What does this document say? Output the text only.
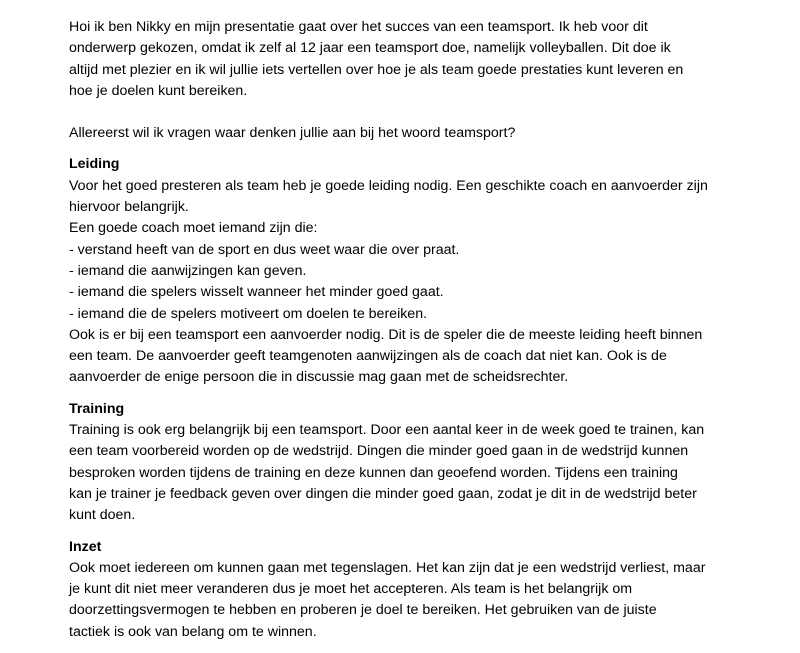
Hoi ik ben Nikky en mijn presentatie gaat over het succes van een teamsport. Ik heb voor dit

onderwerp gekozen, omdat ik zelf al 12 jaar een teamsport doe, namelijk volleyballen. Dit doe ik

altijd met plezier en ik wil jullie iets vertellen over hoe je als team goede prestaties kunt leveren en

hoe je doelen kunt bereiken.

Allereerst wil ik vragen waar denken jullie aan bij het woord teamsport?

Leiding

Voor het goed presteren als team heb je goede leiding nodig. Een geschikte coach en aanvoerder zijn

hiervoor belangrijk.

Een goede coach moet iemand zijn die:

- verstand heeft van de sport en dus weet waar die over praat.

- iemand die aanwijzingen kan geven.

- iemand die spelers wisselt wanneer het minder goed gaat.

- iemand die de spelers motiveert om doelen te bereiken.

Ook is er bij een teamsport een aanvoerder nodig. Dit is de speler die de meeste leiding heeft binnen

een team. De aanvoerder geeft teamgenoten aanwijzingen als de coach dat niet kan. Ook is de

aanvoerder de enige persoon die in discussie mag gaan met de scheidsrechter.

Training

Training is ook erg belangrijk bij een teamsport. Door een aantal keer in de week goed te trainen, kan

een team voorbereid worden op de wedstrijd. Dingen die minder goed gaan in de wedstrijd kunnen

besproken worden tijdens de training en deze kunnen dan geoefend worden. Tijdens een training

kan je trainer je feedback geven over dingen die minder goed gaan, zodat je dit in de wedstrijd beter

kunt doen.

Inzet

Ook moet iedereen om kunnen gaan met tegenslagen. Het kan zijn dat je een wedstrijd verliest, maar

je kunt dit niet meer veranderen dus je moet het accepteren. Als team is het belangrijk om

doorzettingsvermogen te hebben en proberen je doel te bereiken. Het gebruiken van de juiste

tactiek is ook van belang om te winnen.
